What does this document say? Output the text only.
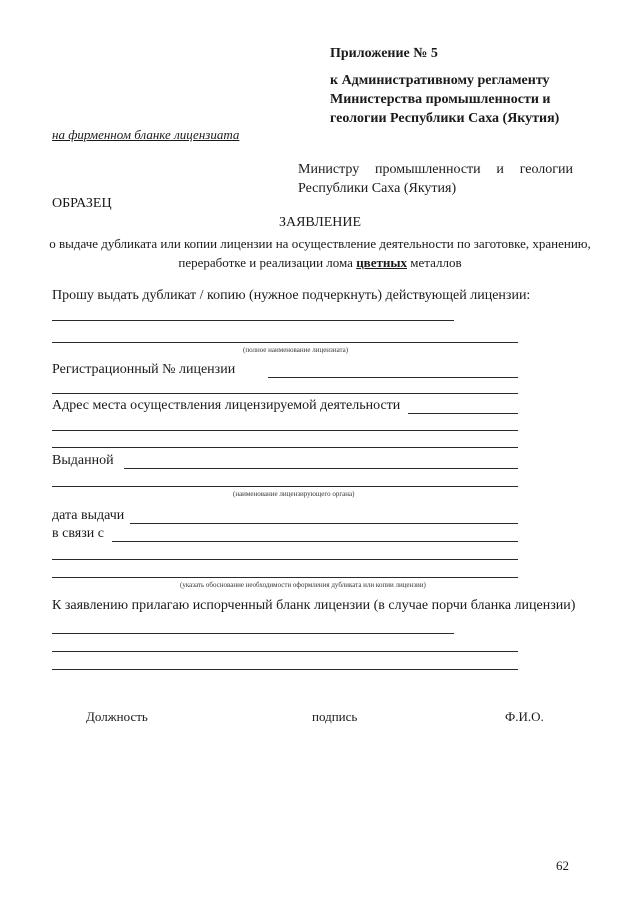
Приложение № 5
к Административному регламенту
Министерства промышленности и
геологии Республики Саха (Якутия)
на фирменном бланке лицензиата
Министру промышленности и геологии
Республики Саха (Якутия)
ОБРАЗЕЦ
ЗАЯВЛЕНИЕ
о выдаче дубликата или копии лицензии на осуществление деятельности по заготовке, хранению, переработке и реализации лома цветных металлов
Прошу выдать дубликат / копию (нужное подчеркнуть) действующей лицензии:
(полное наименование лицензиата)
Регистрационный № лицензии
Адрес места осуществления лицензируемой деятельности
Выданной
(наименование лицензирующего органа)
дата выдачи
в связи с
(указать обоснование необходимости оформления дубликата или копии лицензии)
К заявлению прилагаю испорченный бланк лицензии (в случае порчи бланка лицензии)
Должность	подпись	Ф.И.О.
62
